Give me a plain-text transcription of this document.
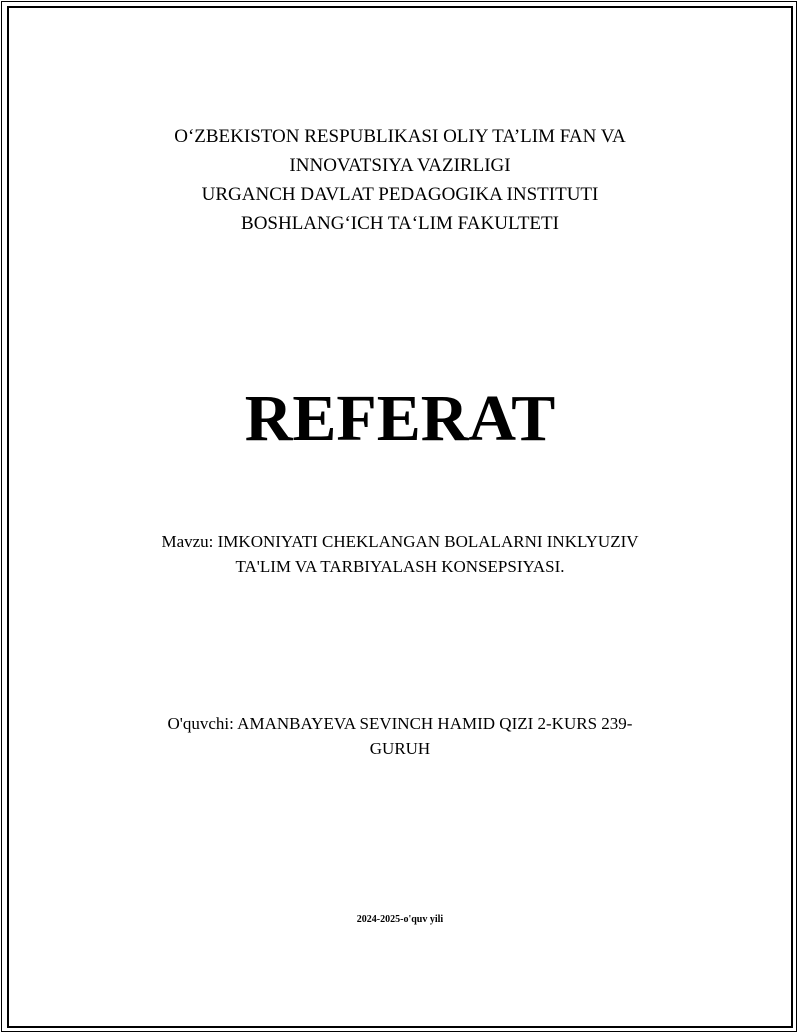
O‘ZBEKISTON RESPUBLIKASI OLIY TA’LIM FAN VA
INNOVATSIYA VAZIRLIGI
URGANCH DAVLAT PEDAGOGIKA INSTITUTI
BOSHLANG‘ICH TA‘LIM FAKULTETI
REFERAT
Mavzu: IMKONIYATI CHEKLANGAN BOLALARNI INKLYUZIV
TA'LIM VA TARBIYALASH KONSEPSIYASI.
O'quvchi: AMANBAYEVA SEVINCH HAMID QIZI 2-KURS 239-
GURUH
2024-2025-o'quv yili
